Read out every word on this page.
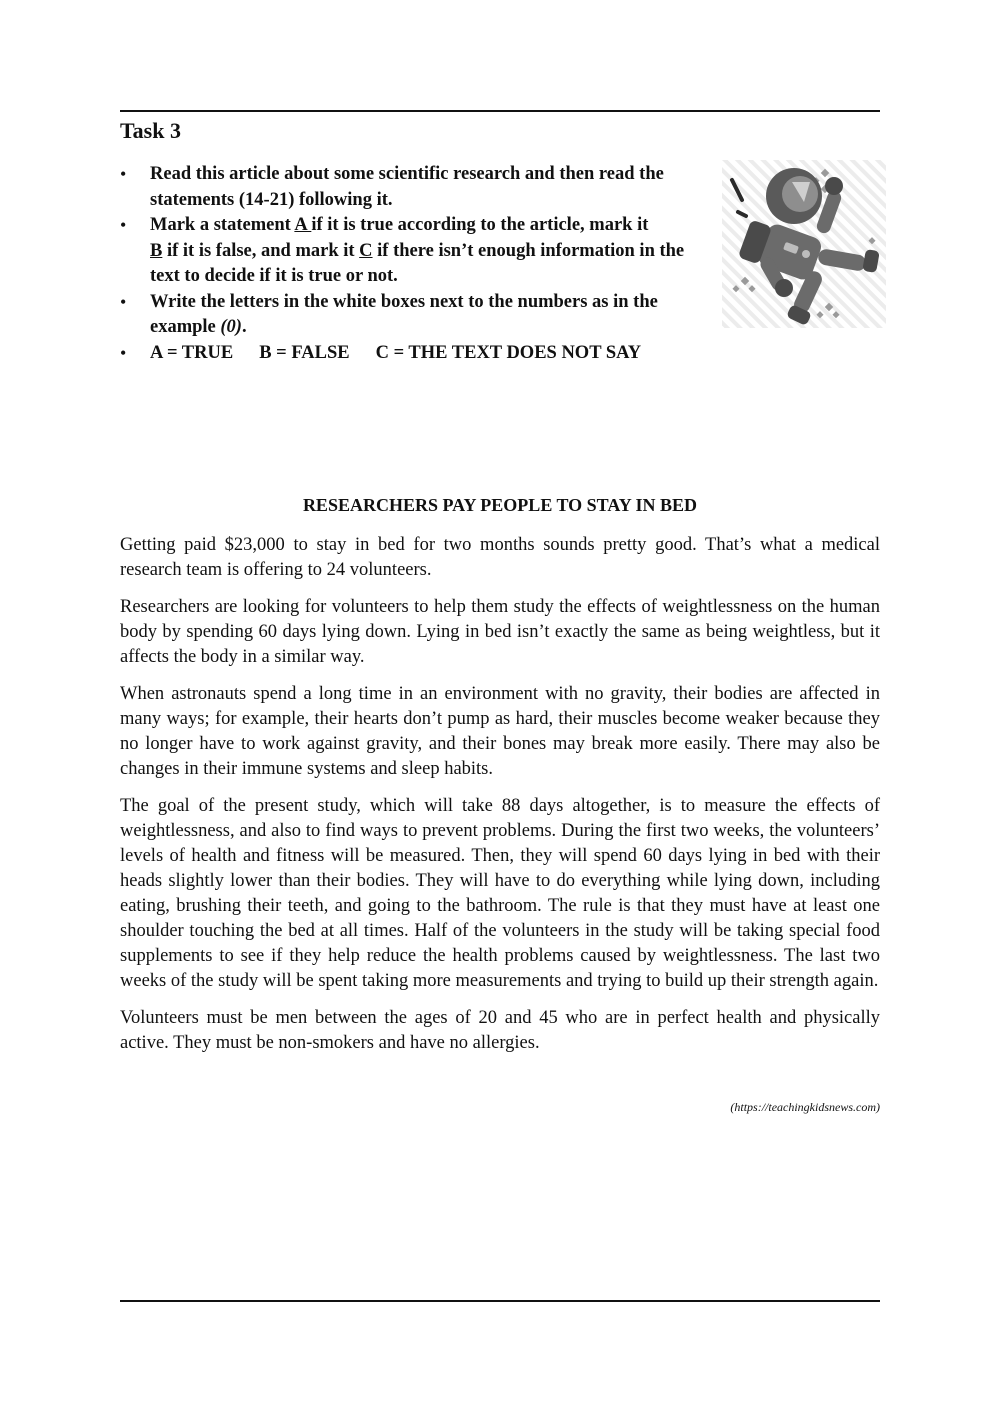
Task 3
• Read this article about some scientific research and then read the statements (14-21) following it.
• Mark a statement A if it is true according to the article, mark it
B if it is false, and mark it C if there isn’t enough information in the text to decide if it is true or not.
• Write the letters in the white boxes next to the numbers as in the example (0).
• A = TRUE B = FALSE C = THE TEXT DOES NOT SAY
RESEARCHERS PAY PEOPLE TO STAY IN BED

Getting paid $23,000 to stay in bed for two months sounds pretty good. That’s what a medical research team is offering to 24 volunteers.

Researchers are looking for volunteers to help them study the effects of weightlessness on the human body by spending 60 days lying down. Lying in bed isn’t exactly the same as being weightless, but it affects the body in a similar way.

When astronauts spend a long time in an environment with no gravity, their bodies are affected in many ways; for example, their hearts don’t pump as hard, their muscles become weaker because they no longer have to work against gravity, and their bones may break more easily. There may also be changes in their immune systems and sleep habits.

The goal of the present study, which will take 88 days altogether, is to measure the effects of weightlessness, and also to find ways to prevent problems. During the first two weeks, the volunteers’ levels of health and fitness will be measured. Then, they will spend 60 days lying in bed with their heads slightly lower than their bodies. They will have to do everything while lying down, including eating, brushing their teeth, and going to the bathroom. The rule is that they must have at least one shoulder touching the bed at all times. Half of the volunteers in the study will be taking special food supplements to see if they help reduce the health problems caused by weightlessness. The last two weeks of the study will be spent taking more measurements and trying to build up their strength again.

Volunteers must be men between the ages of 20 and 45 who are in perfect health and physically active. They must be non-smokers and have no allergies.

(https://teachingkidsnews.com)
